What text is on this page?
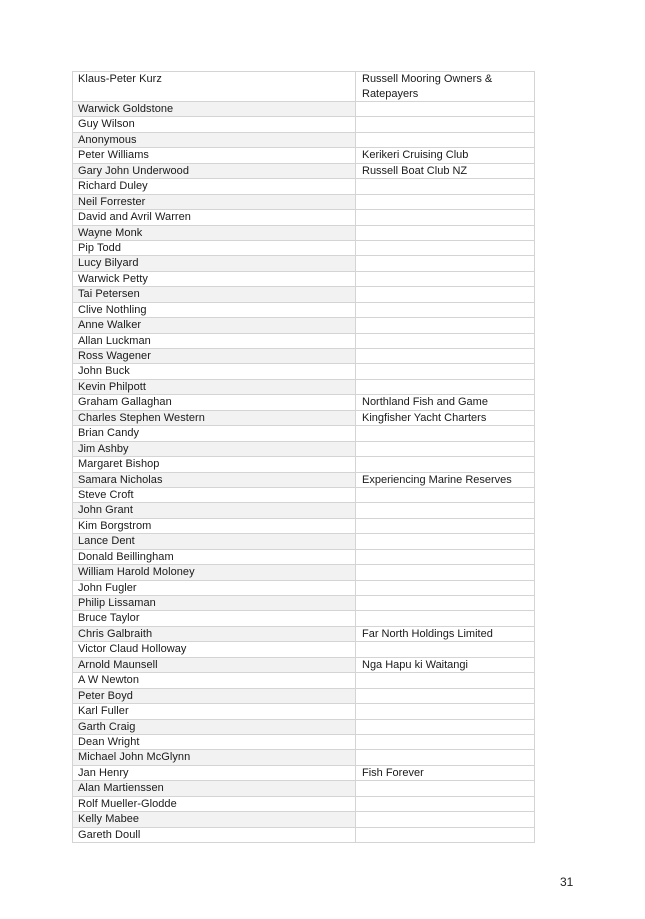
Klaus-Peter Kurz	Russell Mooring Owners & Ratepayers
Warwick Goldstone	
Guy Wilson	
Anonymous	
Peter Williams	Kerikeri Cruising Club
Gary John Underwood	Russell Boat Club NZ
Richard Duley	
Neil Forrester	
David and Avril Warren	
Wayne Monk	
Pip Todd	
Lucy Bilyard	
Warwick Petty	
Tai Petersen	
Clive Nothling	
Anne Walker	
Allan Luckman	
Ross Wagener	
John Buck	
Kevin Philpott	
Graham Gallaghan	Northland Fish and Game
Charles Stephen Western	Kingfisher Yacht Charters
Brian Candy	
Jim Ashby	
Margaret Bishop	
Samara Nicholas	Experiencing Marine Reserves
Steve Croft	
John Grant	
Kim Borgstrom	
Lance Dent	
Donald Beillingham	
William Harold Moloney	
John Fugler	
Philip Lissaman	
Bruce Taylor	
Chris Galbraith	Far North Holdings Limited
Victor Claud Holloway	
Arnold Maunsell	Nga Hapu ki Waitangi
A W Newton	
Peter Boyd	
Karl Fuller	
Garth Craig	
Dean Wright	
Michael John McGlynn	
Jan Henry	Fish Forever
Alan Martienssen	
Rolf Mueller-Glodde	
Kelly Mabee	
Gareth Doull	
31
